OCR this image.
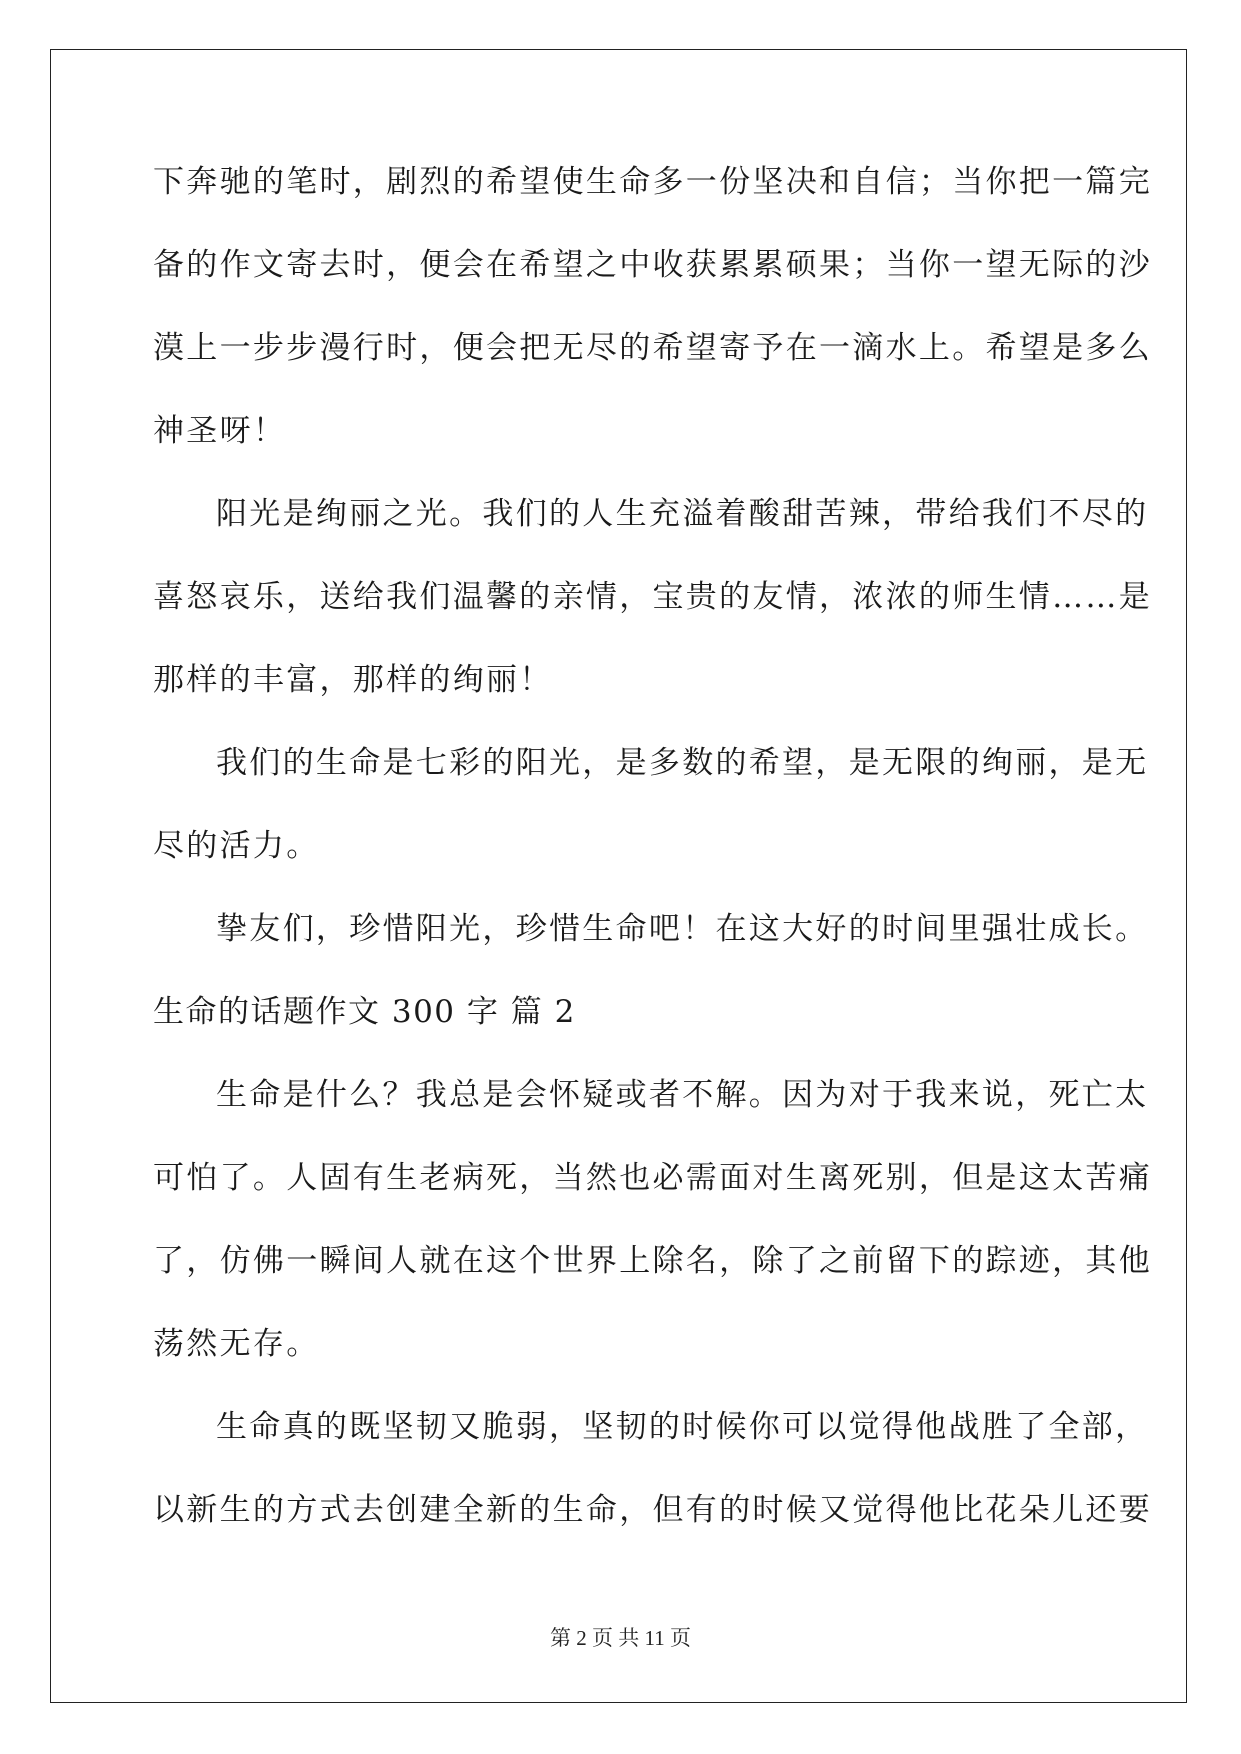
下奔驰的笔时，剧烈的希望使生命多一份坚决和自信；当你把一篇完
备的作文寄去时，便会在希望之中收获累累硕果；当你一望无际的沙
漠上一步步漫行时，便会把无尽的希望寄予在一滴水上。希望是多么
神圣呀！
阳光是绚丽之光。我们的人生充溢着酸甜苦辣，带给我们不尽的
喜怒哀乐，送给我们温馨的亲情，宝贵的友情，浓浓的师生情……是
那样的丰富，那样的绚丽！
我们的生命是七彩的阳光，是多数的希望，是无限的绚丽，是无
尽的活力。
挚友们，珍惜阳光，珍惜生命吧！在这大好的时间里强壮成长。
生命的话题作文 300 字 篇 2
生命是什么？我总是会怀疑或者不解。因为对于我来说，死亡太
可怕了。人固有生老病死，当然也必需面对生离死别，但是这太苦痛
了，仿佛一瞬间人就在这个世界上除名，除了之前留下的踪迹，其他
荡然无存。
生命真的既坚韧又脆弱，坚韧的时候你可以觉得他战胜了全部，
以新生的方式去创建全新的生命，但有的时候又觉得他比花朵儿还要
第 2 页 共 11 页
